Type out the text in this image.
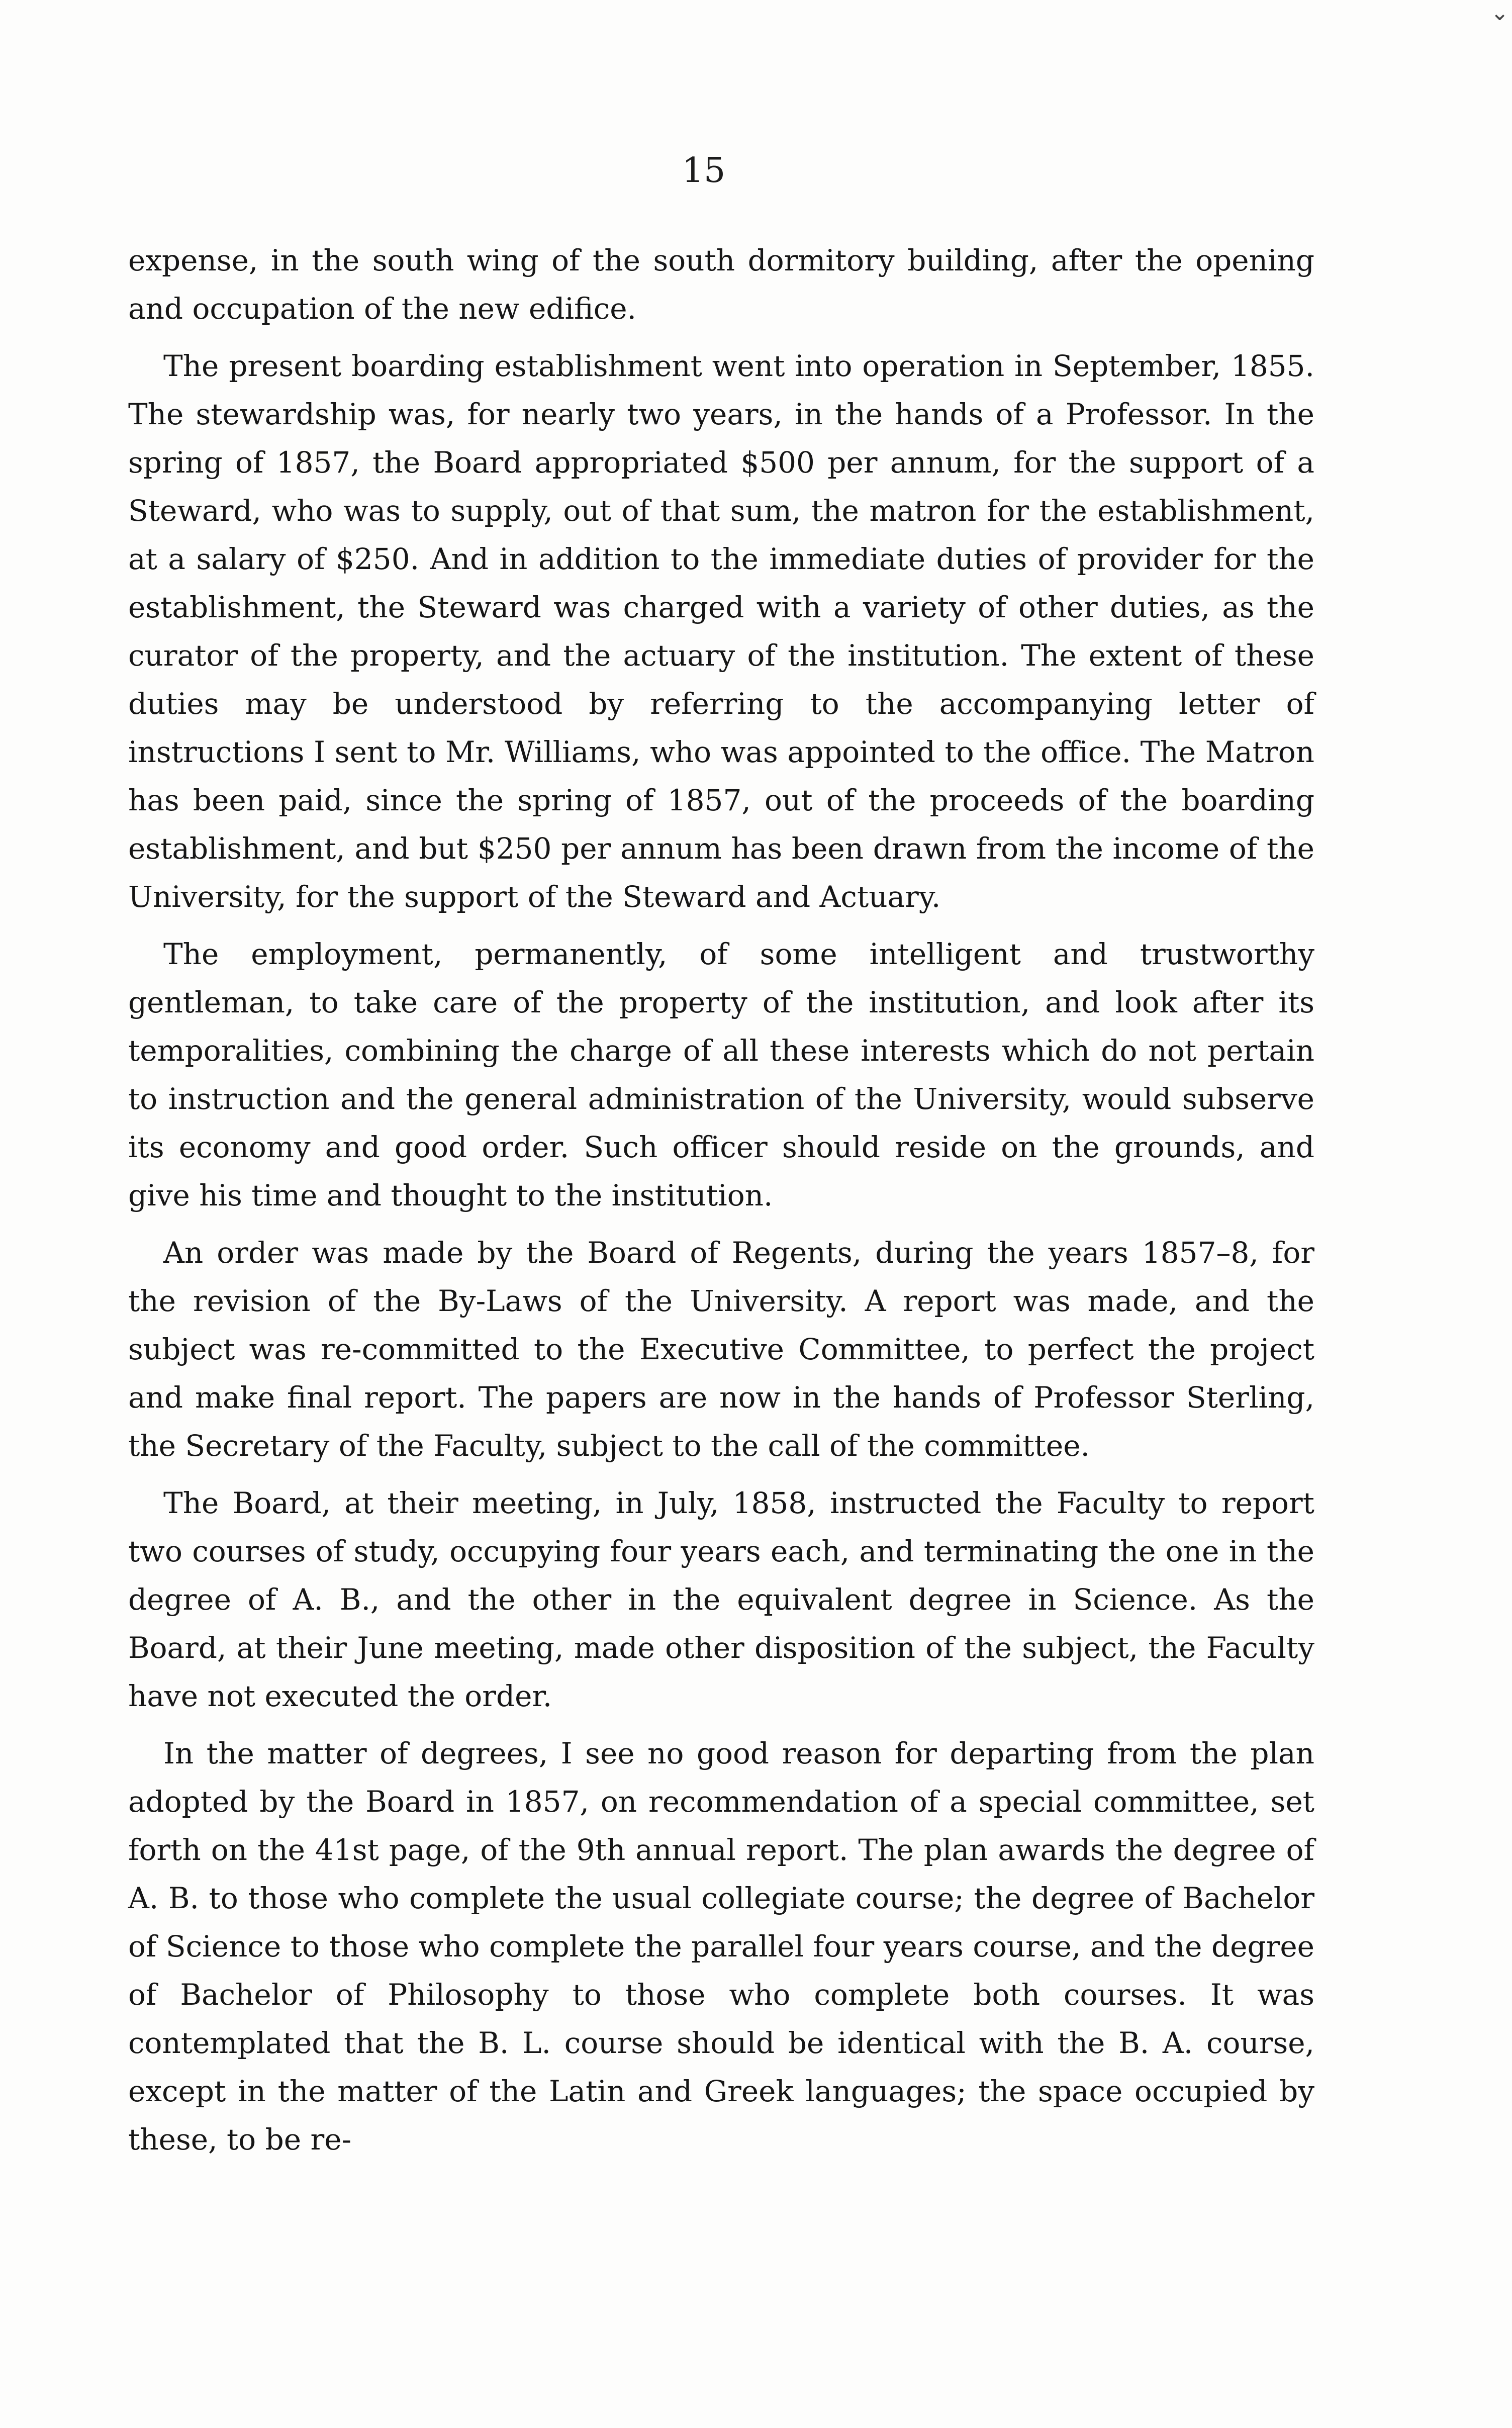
⌄
15

expense, in the south wing of the south dormitory building, after the opening and occupation of the new edifice.

The present boarding establishment went into operation in September, 1855. The stewardship was, for nearly two years, in the hands of a Professor. In the spring of 1857, the Board appropriated $500 per annum, for the support of a Steward, who was to supply, out of that sum, the matron for the establishment, at a salary of $250. And in addition to the immediate duties of provider for the establishment, the Steward was charged with a variety of other duties, as the curator of the property, and the actuary of the institution. The extent of these duties may be understood by referring to the accompanying letter of instructions I sent to Mr. Williams, who was appointed to the office. The Matron has been paid, since the spring of 1857, out of the proceeds of the boarding establishment, and but $250 per annum has been drawn from the income of the University, for the support of the Steward and Actuary.

The employment, permanently, of some intelligent and trustworthy gentleman, to take care of the property of the institution, and look after its temporalities, combining the charge of all these interests which do not pertain to instruction and the general administration of the University, would subserve its economy and good order. Such officer should reside on the grounds, and give his time and thought to the institution.

An order was made by the Board of Regents, during the years 1857–8, for the revision of the By-Laws of the University. A report was made, and the subject was re-committed to the Executive Committee, to perfect the project and make final report. The papers are now in the hands of Professor Sterling, the Secretary of the Faculty, subject to the call of the committee.

The Board, at their meeting, in July, 1858, instructed the Faculty to report two courses of study, occupying four years each, and terminating the one in the degree of A. B., and the other in the equivalent degree in Science. As the Board, at their June meeting, made other disposition of the subject, the Faculty have not executed the order.

In the matter of degrees, I see no good reason for departing from the plan adopted by the Board in 1857, on recommendation of a special committee, set forth on the 41st page, of the 9th annual report. The plan awards the degree of A. B. to those who complete the usual collegiate course; the degree of Bachelor of Science to those who complete the parallel four years course, and the degree of Bachelor of Philosophy to those who complete both courses. It was contemplated that the B. L. course should be identical with the B. A. course, except in the matter of the Latin and Greek languages; the space occupied by these, to be re-
